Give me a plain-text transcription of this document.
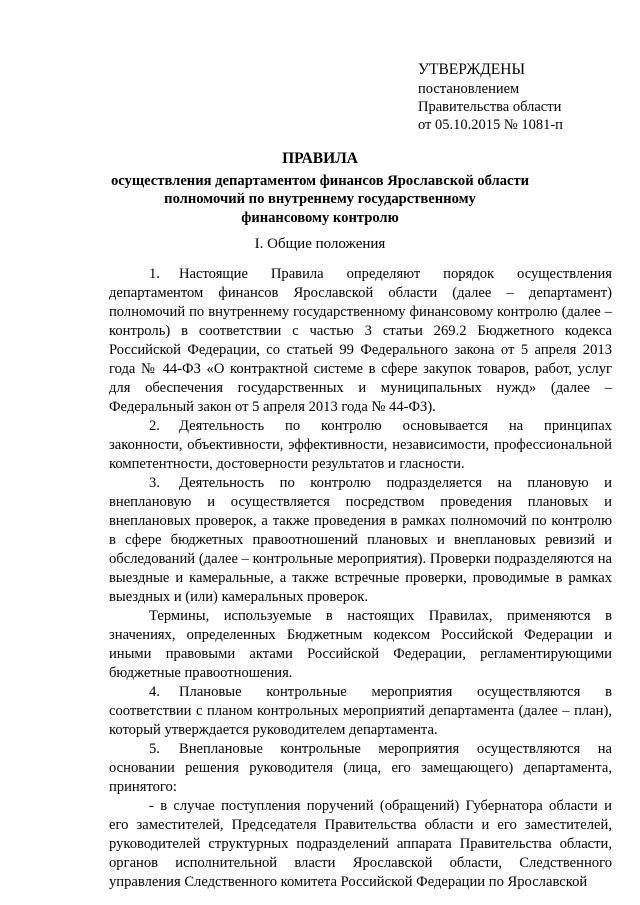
УТВЕРЖДЕНЫ
постановлением
Правительства области
от 05.10.2015 № 1081-п
ПРАВИЛА
осуществления департаментом финансов Ярославской области
полномочий по внутреннему государственному
финансовому контролю
I. Общие положения
1. Настоящие Правила определяют порядок осуществления
департаментом финансов Ярославской области (далее – департамент) полномочий по внутреннему государственному финансовому контролю (далее – контроль) в соответствии с частью 3 статьи 269.2 Бюджетного кодекса Российской Федерации, со статьей 99 Федерального закона от 5 апреля 2013 года № 44-ФЗ «О контрактной системе в сфере закупок товаров, работ, услуг для обеспечения государственных и муниципальных нужд» (далее – Федеральный закон от 5 апреля 2013 года № 44-ФЗ).
2. Деятельность по контролю основывается на принципах
законности, объективности, эффективности, независимости, профессиональной компетентности, достоверности результатов и гласности.
3. Деятельность по контролю подразделяется на плановую и
внеплановую и осуществляется посредством проведения плановых и внеплановых проверок, а также проведения в рамках полномочий по контролю в сфере бюджетных правоотношений плановых и внеплановых ревизий и обследований (далее – контрольные мероприятия). Проверки подразделяются на выездные и камеральные, а также встречные проверки, проводимые в рамках выездных и (или) камеральных проверок.
Термины, используемые в настоящих Правилах, применяются в
значениях, определенных Бюджетным кодексом Российской Федерации и иными правовыми актами Российской Федерации, регламентирующими бюджетные правоотношения.
4. Плановые контрольные мероприятия осуществляются в
соответствии с планом контрольных мероприятий департамента (далее – план), который утверждается руководителем департамента.
5. Внеплановые контрольные мероприятия осуществляются на
основании решения руководителя (лица, его замещающего) департамента, принятого:
- в случае поступления поручений (обращений) Губернатора области и
его заместителей, Председателя Правительства области и его заместителей, руководителей структурных подразделений аппарата Правительства области, органов исполнительной власти Ярославской области, Следственного управления Следственного комитета Российской Федерации по Ярославской
